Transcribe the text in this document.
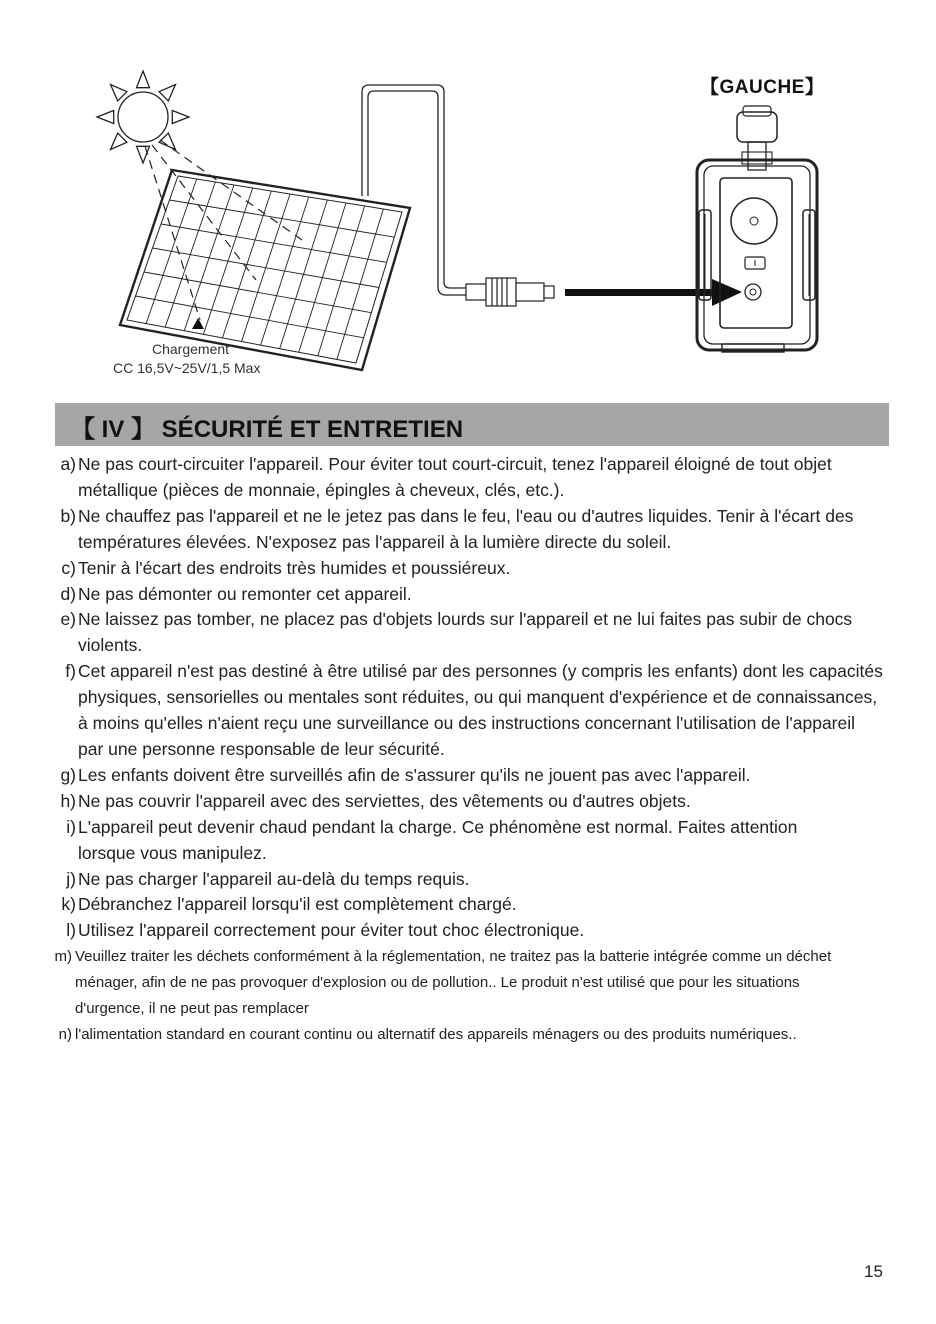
【GAUCHE】
Chargement
CC 16,5V~25V/1,5 Max
【 IV 】 SÉCURITÉ ET ENTRETIEN
a) Ne pas court-circuiter l'appareil. Pour éviter tout court-circuit, tenez l'appareil éloigné de tout objet métallique (pièces de monnaie, épingles à cheveux, clés, etc.).
b) Ne chauffez pas l'appareil et ne le jetez pas dans le feu, l'eau ou d'autres liquides. Tenir à l'écart des températures élevées. N'exposez pas l'appareil à la lumière directe du soleil.
c) Tenir à l'écart des endroits très humides et poussiéreux.
d) Ne pas démonter ou remonter cet appareil.
e) Ne laissez pas tomber, ne placez pas d'objets lourds sur l'appareil et ne lui faites pas subir de chocs violents.
f) Cet appareil n'est pas destiné à être utilisé par des personnes (y compris les enfants) dont les capacités physiques, sensorielles ou mentales sont réduites, ou qui manquent d'expérience et de connaissances, à moins qu'elles n'aient reçu une surveillance ou des instructions concernant l'utilisation de l'appareil par une personne responsable de leur sécurité.
g) Les enfants doivent être surveillés afin de s'assurer qu'ils ne jouent pas avec l'appareil.
h) Ne pas couvrir l'appareil avec des serviettes, des vêtements ou d'autres objets.
i) L'appareil peut devenir chaud pendant la charge. Ce phénomène est normal. Faites attention lorsque vous manipulez.
j) Ne pas charger l'appareil au-delà du temps requis.
k) Débranchez l'appareil lorsqu'il est complètement chargé.
l) Utilisez l'appareil correctement pour éviter tout choc électronique.
m) Veuillez traiter les déchets conformément à la réglementation, ne traitez pas la batterie intégrée comme un déchet ménager, afin de ne pas provoquer d'explosion ou de pollution.. Le produit n'est utilisé que pour les situations d'urgence, il ne peut pas remplacer
n) l'alimentation standard en courant continu ou alternatif des appareils ménagers ou des produits numériques..
15
